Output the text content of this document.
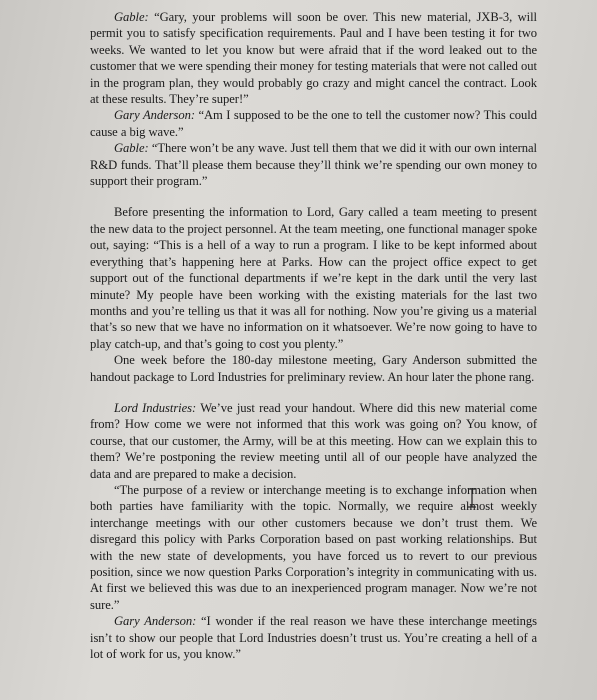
Gable: “Gary, your problems will soon be over. This new material, JXB-3, will permit you to satisfy specification requirements. Paul and I have been testing it for two weeks. We wanted to let you know but were afraid that if the word leaked out to the customer that we were spending their money for testing materials that were not called out in the program plan, they would probably go crazy and might cancel the contract. Look at these results. They’re super!”

Gary Anderson: “Am I supposed to be the one to tell the customer now? This could cause a big wave.”

Gable: “There won’t be any wave. Just tell them that we did it with our own internal R&D funds. That’ll please them because they’ll think we’re spending our own money to support their program.”

Before presenting the information to Lord, Gary called a team meeting to present the new data to the project personnel. At the team meeting, one functional manager spoke out, saying: “This is a hell of a way to run a program. I like to be kept informed about everything that’s happening here at Parks. How can the project office expect to get support out of the functional departments if we’re kept in the dark until the very last minute? My people have been working with the existing materials for the last two months and you’re telling us that it was all for nothing. Now you’re giving us a material that’s so new that we have no information on it whatsoever. We’re now going to have to play catch-up, and that’s going to cost you plenty.”

One week before the 180-day milestone meeting, Gary Anderson submitted the handout package to Lord Industries for preliminary review. An hour later the phone rang.

Lord Industries: We’ve just read your handout. Where did this new material come from? How come we were not informed that this work was going on? You know, of course, that our customer, the Army, will be at this meeting. How can we explain this to them? We’re postponing the review meeting until all of our people have analyzed the data and are prepared to make a decision.

“The purpose of a review or interchange meeting is to exchange information when both parties have familiarity with the topic. Normally, we require almost weekly interchange meetings with our other customers because we don’t trust them. We disregard this policy with Parks Corporation based on past working relationships. But with the new state of developments, you have forced us to revert to our previous position, since we now question Parks Corporation’s integrity in communicating with us. At first we believed this was due to an inexperienced program manager. Now we’re not sure.”

Gary Anderson: “I wonder if the real reason we have these interchange meetings isn’t to show our people that Lord Industries doesn’t trust us. You’re creating a hell of a lot of work for us, you know.”
